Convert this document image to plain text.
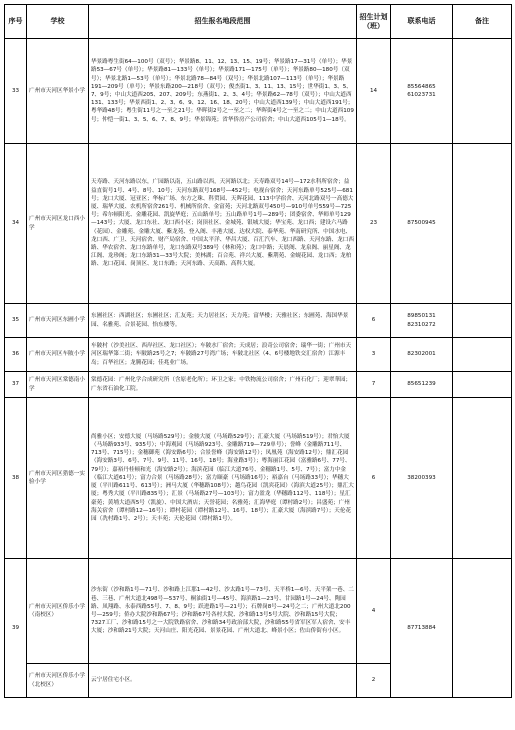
序号	学校	招生报名地段范围	招生计划（班）	联系电话	备注
33	广州市天河区华景小学	华景路粤生街64—100号（双号）；华景路8、11、12、13、15、19号；华景路17—31号（单号）；华景路53—67号（单号）；华景路81—133号（单号）；华景路171—175号（单号）；华景路80—180号（双号）；华景北路1—53号（单号）；华景北路78—84号（双号）；华景北路107—113号（单号）；华景路191—209号（单号）；华景东路200—218号（双号）；俊杰街1、3、11、13、15号；世华街1、3、5、7、9号；中山大道西205、207、209号；东燕街1、2、3、4号；华景路62—78号（双号）；中山大道西131、133号；华景西街1、2、3、6、9、12、16、18、20号；中山大道西139号；中山大道西191号；粤华路48号；粤生街11号之一至之21号；华晖街2号之一至之二；华晖街4号之一至之二；中山大道西109号；仲恺一街1、3、5、6、7、8、9号；华景锦苑；省华侨房产公司宿舍；中山大道西105号1—18号。	14	85564865 61023731	
34	广州市天河区龙口西小学	天寿路、天河东路以东，广园路以南，五山路以西，天河路以北；天寿路双号14号—172水科所宿舍；益益直街号1号、4号、8号、10号；天河东路双号168号—452号；电视台宿舍；天河东路单号525号—681号；龙口大厦、冠亚区；华标广场、东方之珠、科贸园、天晖花园、113中学宿舍、天河北路双号一高德大厦、瑞华大厦、农机所宿舍261号、机械所宿舍、金富苑；天河北路双号450号—910号单号559号—725号；希尔顿阳光、金雕花园、凯旋华庭；五山路单号；五山路单号1号—289号；团委宿舍、华师单号129—143号；大厦、龙口东社、龙口西小区；岗顶社区、金城苑、银城大厦；华宝苑、龙口西；建设六马路（花园）、金雕苑、金雕大厦、紫龙苑、登入阁、丰港大厦、达权大院、泰华苑、华南研究所、中国水电、龙口西、广卫、天河宿舍、财产局宿舍、中国太平洋、华昌大厦、百汇汽车、龙口西路、天河东路、龙口西路、华农宿舍、龙口东路单号，龙口东路双号389号（林和苑）；龙口中路；天晨阁、龙泉阁、丽星阁、龙江阁、龙珍阁；龙口东路31—33号大院；美林湖；百合苑、祥兴大厦、紫荆苑、金蚬花园、龙口西；龙柏路、龙口花园、岗顶区、龙口东路；天河东路、天高路、高科大厦。	23	87500945	
35	广州市天河区东圃小学	东圃社区：西湖社区；东圃社区；汇友苑；天力居社区；天力苑；富华楼；天雅社区；东圃苑、海国华景园、名雅苑、合景花园、怡东楼等。	6	89850131 82310272	
36	广州市天河区车陂小学	车陂村（沙美社区、西岸社区、龙口社区）；车陂水厂宿舍；天成居；浪奇公司宿舍；瑞华一街；广州市天河区瑞华第二街；车陂路25号之7；车陂路27号湾广场；车陂北社区（4、6号楼地铁交汇宿舍）江源丰岛；百华社区；龙腾花园；佳兆业广场。	3	82302001	
37	广州市天河区棠德南小学	棠德花园：广州化学合成研究所（含原老化所）；环卫之家；中铁物流公司宿舍；广州石化厂；迎翠華园；广东省石油化工院。	7	85651239	
38	广州市天河区猎德一实验小学	尚雅小区；安德大厦（马场路529号）；金骏大厦（马场路529号）；汇豪大厦（马场路519号）；君怡大厦（马场路933号、935号）；中海观园（马场路923号、金雕路719—729单号）；誉峰（金雕路711号、713号、715号）；金穗御苑（海安路6号）；合景誉峰（海安路12号）；凤凰苑（海安路12号）；鼎汇花园（海安路3号、6号、7号、9号、11号、16号、18号；海业路3号）；粤海丽江花园（富雅路6号、77号、79号）；嘉裕丹桂顿和光（海安路2号）；海滨花园（临江大道76号、金穗路1号、5号、7号）；富力中金（临江大道61号）；富力合景（马场路28号）；富力颐豪（马场路16号）；裕嘉台（马场路33号）；华穗大厦（平川路611号、613号）；洲马大厦（华穗路108号）；越鸟花园（凯宾花园）（海滨大道25号）；鼎汇大厦；粤秀大厦（平川路835号）；汇景（马场路27号—103号）；富力盈龙（华穗路112号、118号）；星汇豪苑；黄埔大道西5号（凯旋）、中国大酒店；天誉花园；名雅苑；汇海华庭（谭村路2号）；昌盛苑；广州海关宿舍（谭村路12—16号）；谭村花园（谭村路12号、16号、18号）；汇豪大厦（海滨路7号）；天伦花园（冼村路1号、2号）；天丰苑；天伦花园（谭村路1号）。	6	38200393	
39	广州市天河区侨乐小学（南校区）	沙东街（沙和路1号—71号、沙和路上江那1—42号、沙太路1号—73号、天平桥1—6号、天平架一巷、二巷、三巷、广州大道北498号—537号、桐油街1号—45号、海滨路1—23号、甘园路1号—24号、陶园路、凤翔路、永泰西路55号、7、8、9号；跃进路1号—21号）；石牌岗8号—24号之二；广州大道北200号—259号；侨办大院沙和路67号；沙和路67号各村大院、沙和路13号5号大院、沙和路15号大院；7327工厂、沙和路15号之一大院铁路宿舍、沙和路34号政治部大院，沙和路55号省军区军人宿舍、安丰大厦；沙和路21号大院；天河山庄、阳光花园、景景花园、广州大道北、峰景小区；佐山侨街有小区。	4	87713884	
	广州市天河区侨乐小学（北校区）	云宁居住宅小区。	2		
